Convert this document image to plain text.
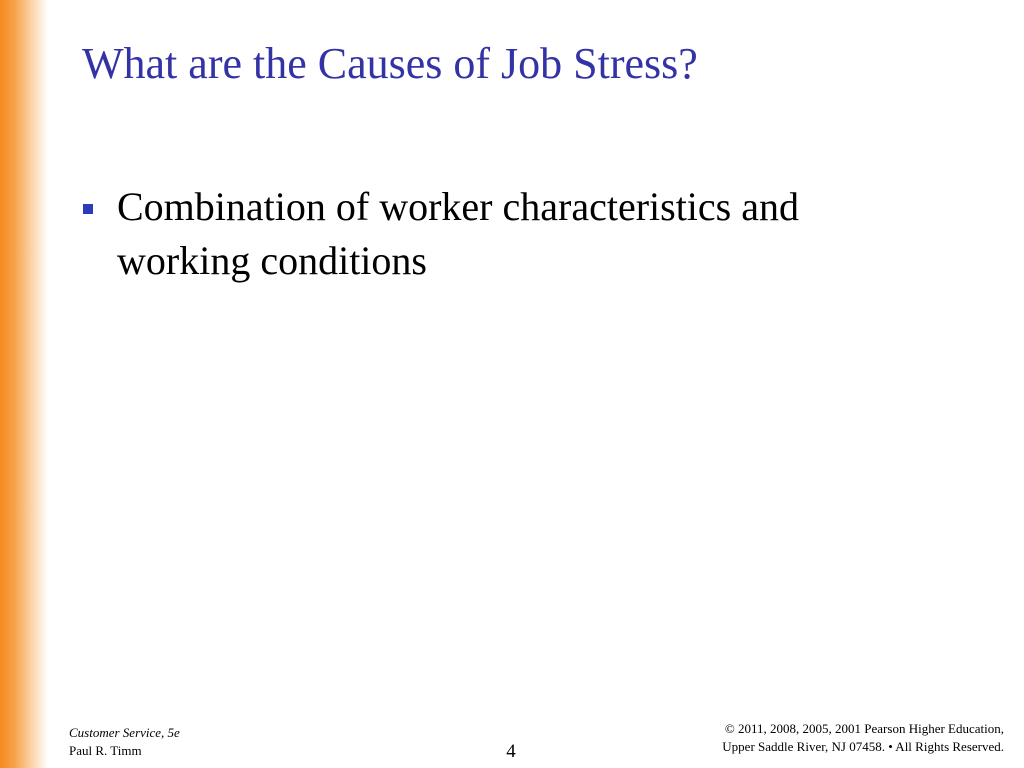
What are the Causes of Job Stress?
Combination of worker characteristics and working conditions
Customer Service, 5e
Paul R. Timm	4
© 2011, 2008, 2005, 2001 Pearson Higher Education,
Upper Saddle River, NJ 07458. • All Rights Reserved.
